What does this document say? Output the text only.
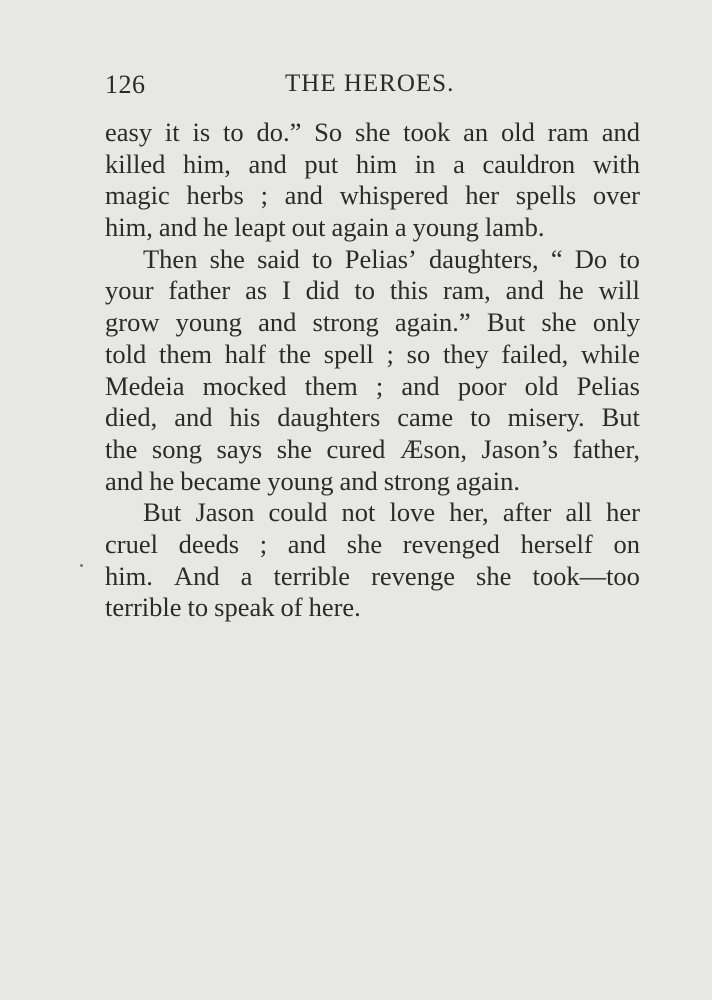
126	THE HEROES.
easy it is to do.” So she took an old ram and
killed him, and put him in a cauldron with
magic herbs ; and whispered her spells over
him, and he leapt out again a young lamb.
Then she said to Pelias’ daughters, “ Do to
your father as I did to this ram, and he will
grow young and strong again.” But she only
told them half the spell ; so they failed, while
Medeia mocked them ; and poor old Pelias
died, and his daughters came to misery. But
the song says she cured Æson, Jason’s father,
and he became young and strong again.
But Jason could not love her, after all her
cruel deeds ; and she revenged herself on
him. And a terrible revenge she took—too
terrible to speak of here.
